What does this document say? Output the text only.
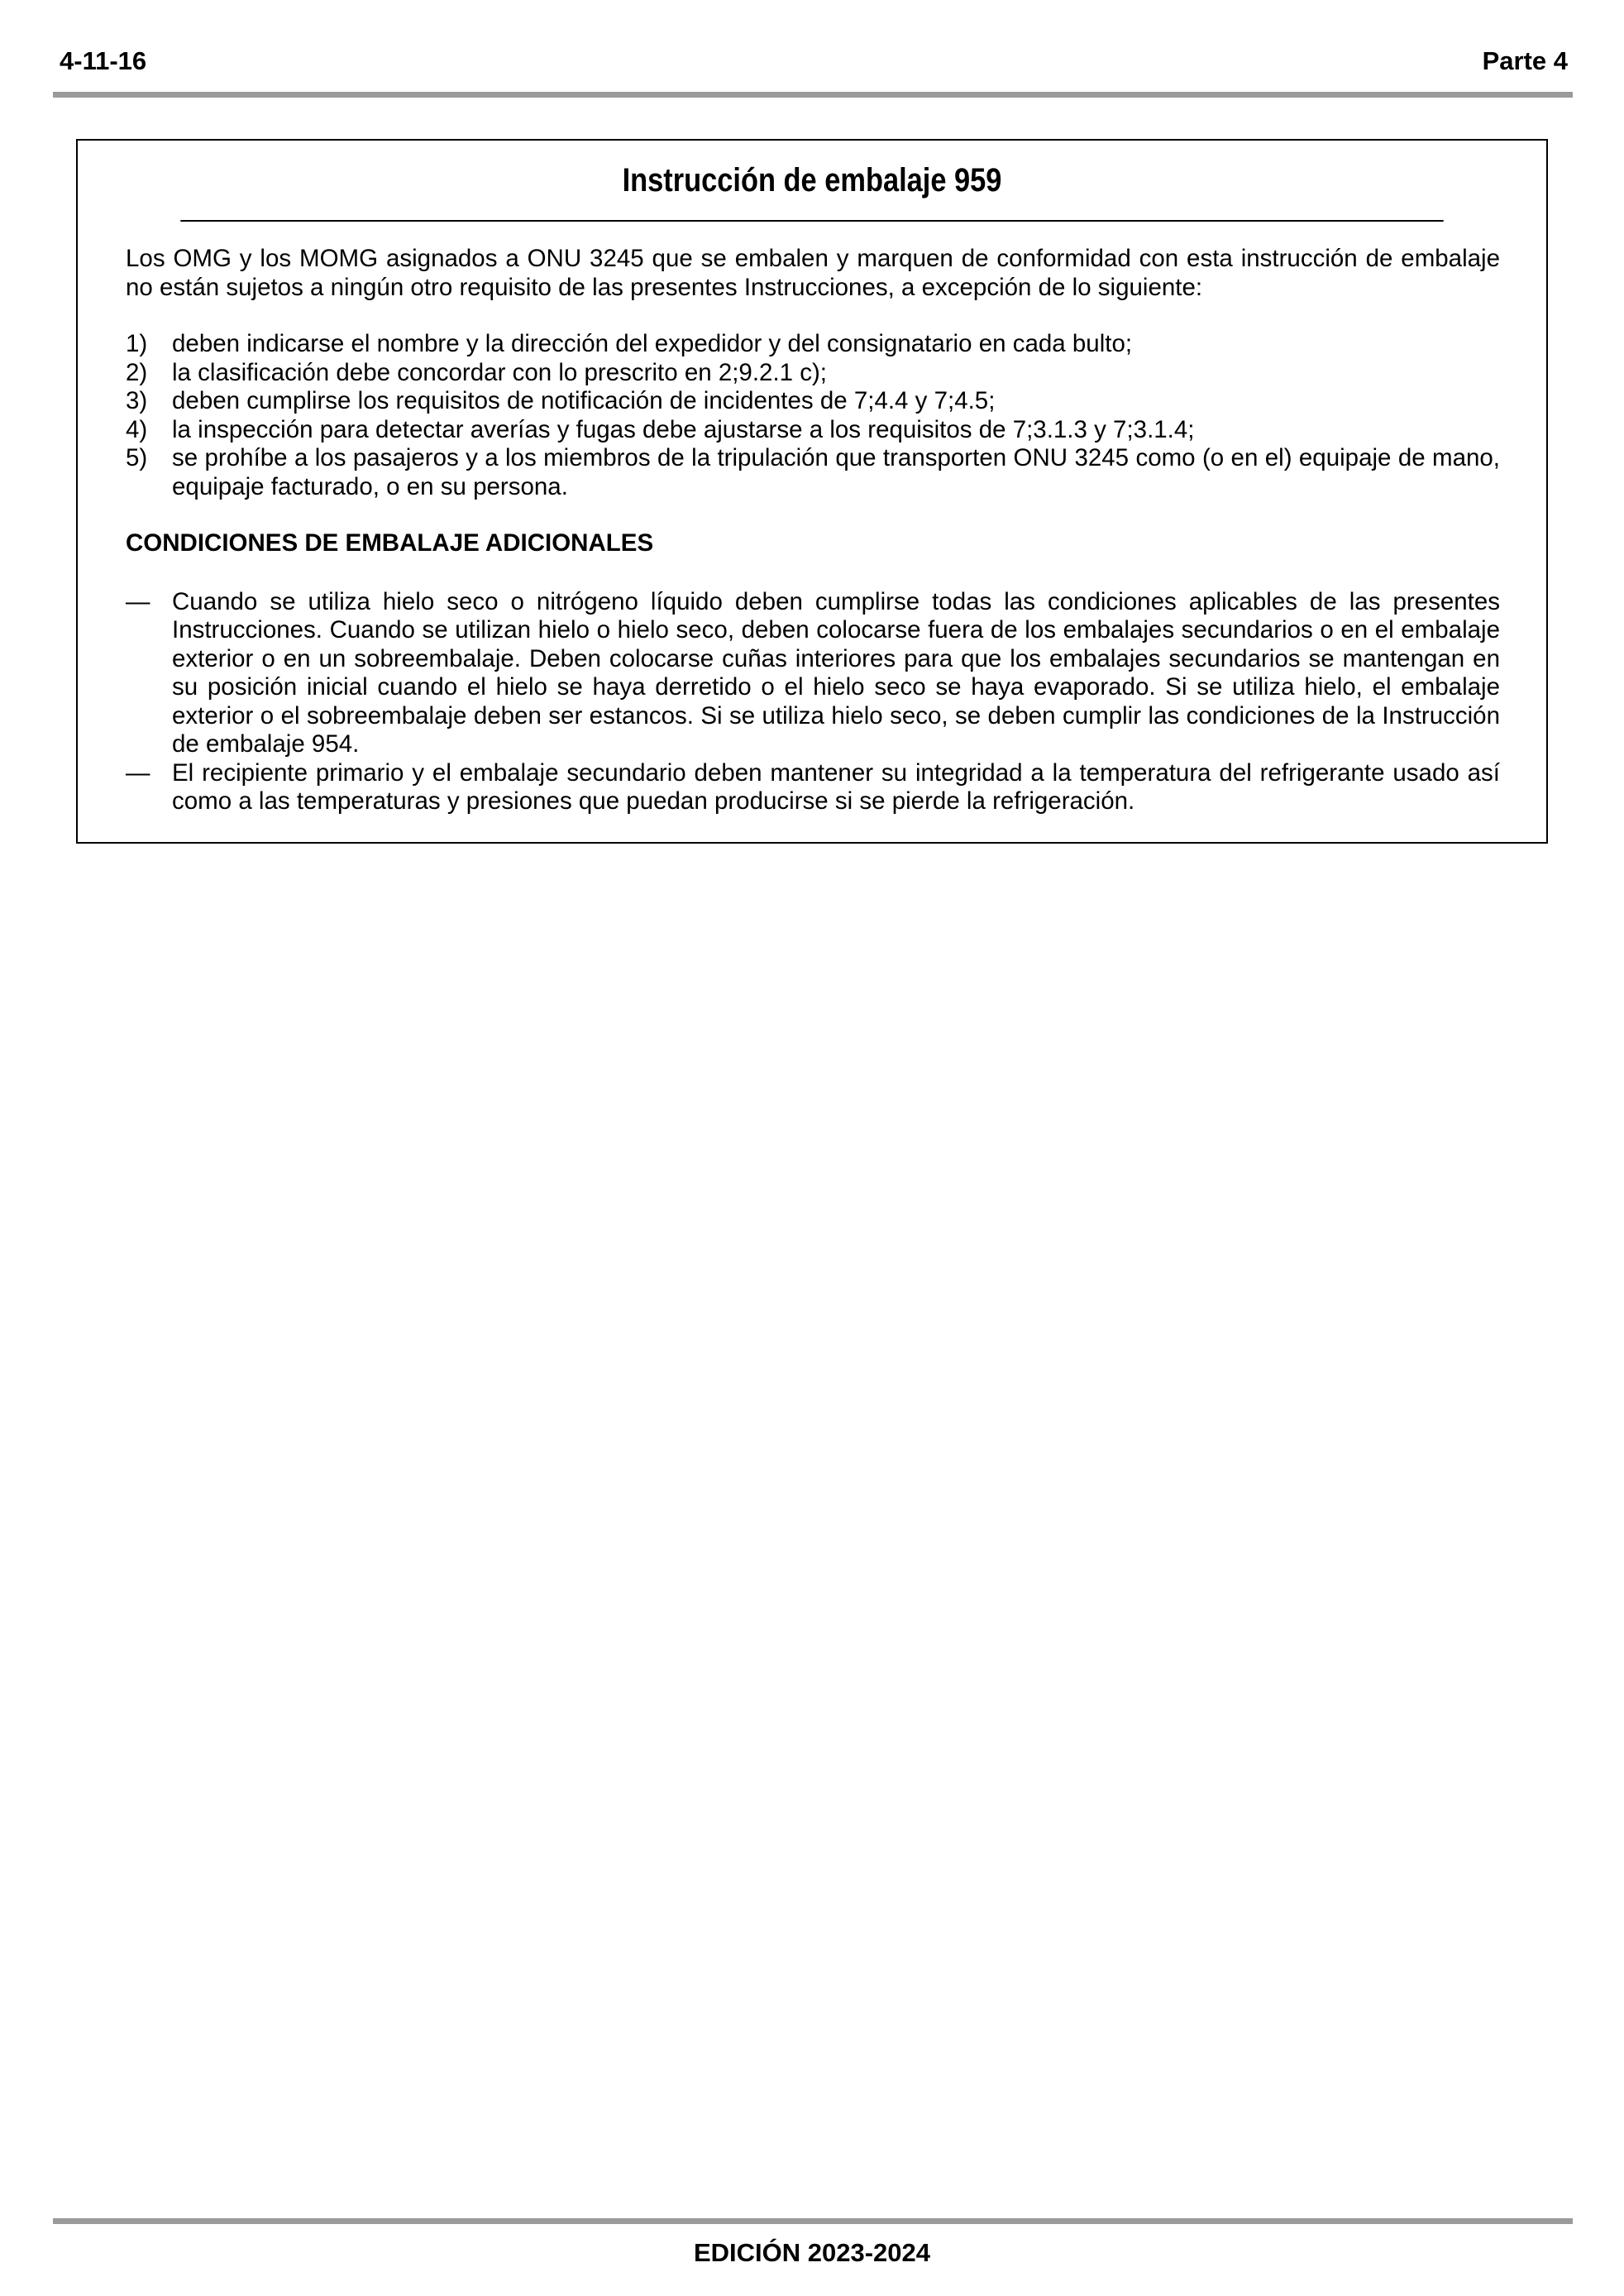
4-11-16	Parte 4
Instrucción de embalaje 959

Los OMG y los MOMG asignados a ONU 3245 que se embalen y marquen de conformidad con esta instrucción de embalaje no están sujetos a ningún otro requisito de las presentes Instrucciones, a excepción de lo siguiente:

1)	deben indicarse el nombre y la dirección del expedidor y del consignatario en cada bulto;
2)	la clasificación debe concordar con lo prescrito en 2;9.2.1 c);
3)	deben cumplirse los requisitos de notificación de incidentes de 7;4.4 y 7;4.5;
4)	la inspección para detectar averías y fugas debe ajustarse a los requisitos de 7;3.1.3 y 7;3.1.4;
5)	se prohíbe a los pasajeros y a los miembros de la tripulación que transporten ONU 3245 como (o en el) equipaje de mano, equipaje facturado, o en su persona.
CONDICIONES DE EMBALAJE ADICIONALES
— Cuando se utiliza hielo seco o nitrógeno líquido deben cumplirse todas las condiciones aplicables de las presentes Instrucciones. Cuando se utilizan hielo o hielo seco, deben colocarse fuera de los embalajes secundarios o en el embalaje exterior o en un sobreembalaje. Deben colocarse cuñas interiores para que los embalajes secundarios se mantengan en su posición inicial cuando el hielo se haya derretido o el hielo seco se haya evaporado. Si se utiliza hielo, el embalaje exterior o el sobreembalaje deben ser estancos. Si se utiliza hielo seco, se deben cumplir las condiciones de la Instrucción de embalaje 954.
— El recipiente primario y el embalaje secundario deben mantener su integridad a la temperatura del refrigerante usado así como a las temperaturas y presiones que puedan producirse si se pierde la refrigeración.
EDICIÓN 2023-2024
